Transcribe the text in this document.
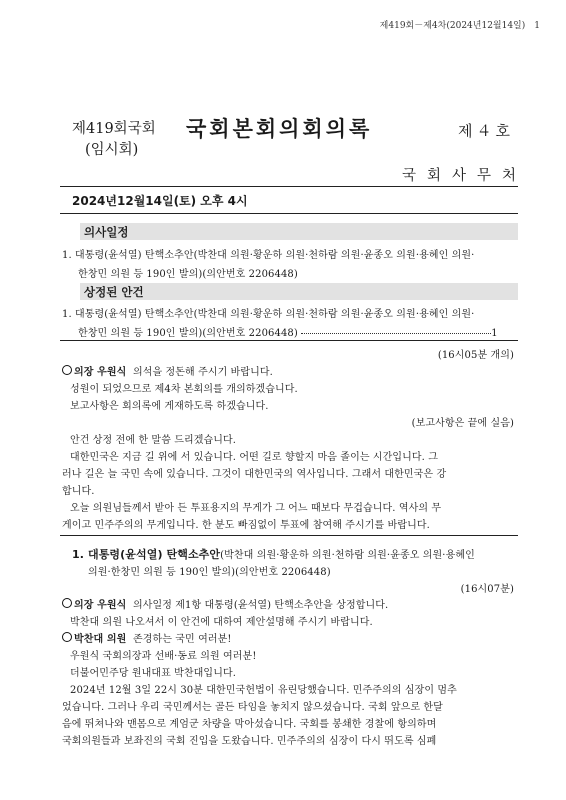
제419회－제4차(2024년12월14일)　1
제419회국회
(임시회)
국회본회의회의록	제４호
국회사무처
2024년12월14일(토) 오후 4시
의사일정
1. 대통령(윤석열) 탄핵소추안(박찬대 의원·황운하 의원·천하람 의원·윤종오 의원·용혜인 의원·
한창민 의원 등 190인 발의)(의안번호 2206448)
상정된 안건
1. 대통령(윤석열) 탄핵소추안(박찬대 의원·황운하 의원·천하람 의원·윤종오 의원·용혜인 의원·
한창민 의원 등 190인 발의)(의안번호 2206448)	1
(16시05분 개의)
의장 우원식 의석을 정돈해 주시기 바랍니다.
성원이 되었으므로 제4차 본회의를 개의하겠습니다.
보고사항은 회의록에 게재하도록 하겠습니다.
(보고사항은 끝에 실음)
안건 상정 전에 한 말씀 드리겠습니다.
대한민국은 지금 길 위에 서 있습니다. 어떤 길로 향할지 마음 졸이는 시간입니다. 그
러나 길은 늘 국민 속에 있습니다. 그것이 대한민국의 역사입니다. 그래서 대한민국은 강
합니다.
오늘 의원님들께서 받아 든 투표용지의 무게가 그 어느 때보다 무겁습니다. 역사의 무
게이고 민주주의의 무게입니다. 한 분도 빠짐없이 투표에 참여해 주시기를 바랍니다.
1. 대통령(윤석열) 탄핵소추안(박찬대 의원·황운하 의원·천하람 의원·윤종오 의원·용혜인
의원·한창민 의원 등 190인 발의)(의안번호 2206448)
(16시07분)
의장 우원식 의사일정 제1항 대통령(윤석열) 탄핵소추안을 상정합니다.
박찬대 의원 나오셔서 이 안건에 대하여 제안설명해 주시기 바랍니다.
박찬대 의원 존경하는 국민 여러분!
우원식 국회의장과 선배·동료 의원 여러분!
더불어민주당 원내대표 박찬대입니다.
2024년 12월 3일 22시 30분 대한민국헌법이 유린당했습니다. 민주주의의 심장이 멈추
었습니다. 그러나 우리 국민께서는 골든 타임을 놓치지 않으셨습니다. 국회 앞으로 한달
음에 뛰쳐나와 맨몸으로 계엄군 차량을 막아섰습니다. 국회를 봉쇄한 경찰에 항의하며
국회의원들과 보좌진의 국회 진입을 도왔습니다. 민주주의의 심장이 다시 뛰도록 심폐
